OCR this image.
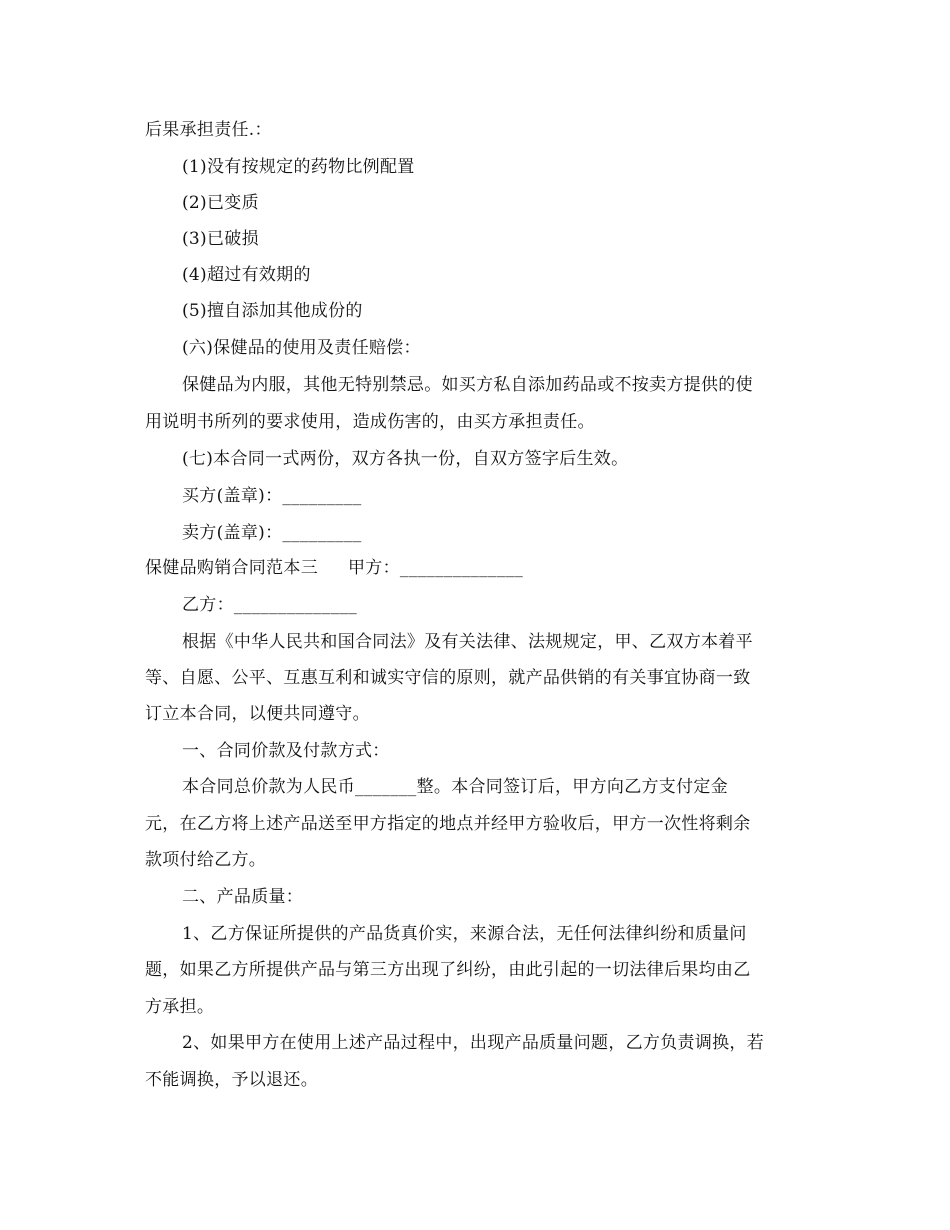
后果承担责任.：
(1)没有按规定的药物比例配置
(2)已变质
(3)已破损
(4)超过有效期的
(5)擅自添加其他成份的
(六)保健品的使用及责任赔偿：
保健品为内服，其他无特别禁忌。如买方私自添加药品或不按卖方提供的使
用说明书所列的要求使用，造成伤害的，由买方承担责任。
(七)本合同一式两份，双方各执一份，自双方签字后生效。
买方(盖章)：_________
卖方(盖章)：_________
保健品购销合同范本三 甲方：______________
乙方：______________
根据《中华人民共和国合同法》及有关法律、法规规定，甲、乙双方本着平
等、自愿、公平、互惠互利和诚实守信的原则，就产品供销的有关事宜协商一致
订立本合同，以便共同遵守。
一、合同价款及付款方式：
本合同总价款为人民币_______整。本合同签订后，甲方向乙方支付定金
元，在乙方将上述产品送至甲方指定的地点并经甲方验收后，甲方一次性将剩余
款项付给乙方。
二、产品质量：
1、乙方保证所提供的产品货真价实，来源合法，无任何法律纠纷和质量问
题，如果乙方所提供产品与第三方出现了纠纷，由此引起的一切法律后果均由乙
方承担。
2、如果甲方在使用上述产品过程中，出现产品质量问题，乙方负责调换，若
不能调换，予以退还。
